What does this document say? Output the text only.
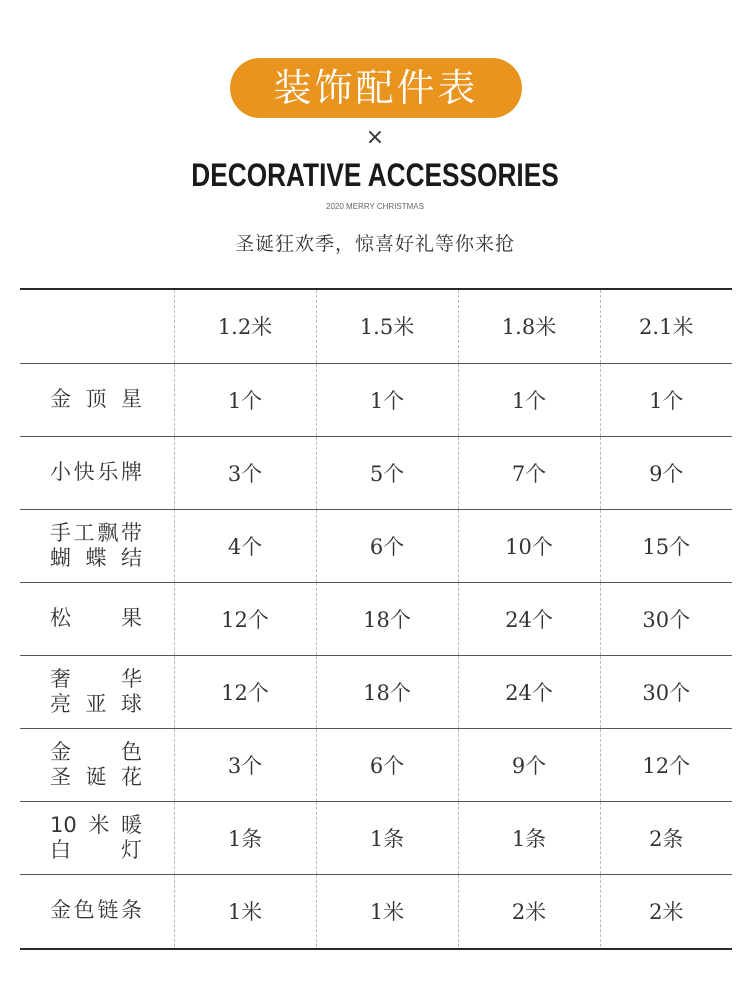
装饰配件表
×
DECORATIVE ACCESSORIES
2020 MERRY CHRISTMAS
圣诞狂欢季，惊喜好礼等你来抢
	1.2米	1.5米	1.8米	2.1米

金顶星	1个	1个	1个	1个

小快乐牌	3个	5个	7个	9个

手工飘带
蝴蝶结	4个	6个	10个	15个

松果	12个	18个	24个	30个

奢华
亮亚球	12个	18个	24个	30个

金色
圣诞花	3个	6个	9个	12个

10米暖
白灯	1条	1条	1条	2条

金色链条	1米	1米	2米	2米
